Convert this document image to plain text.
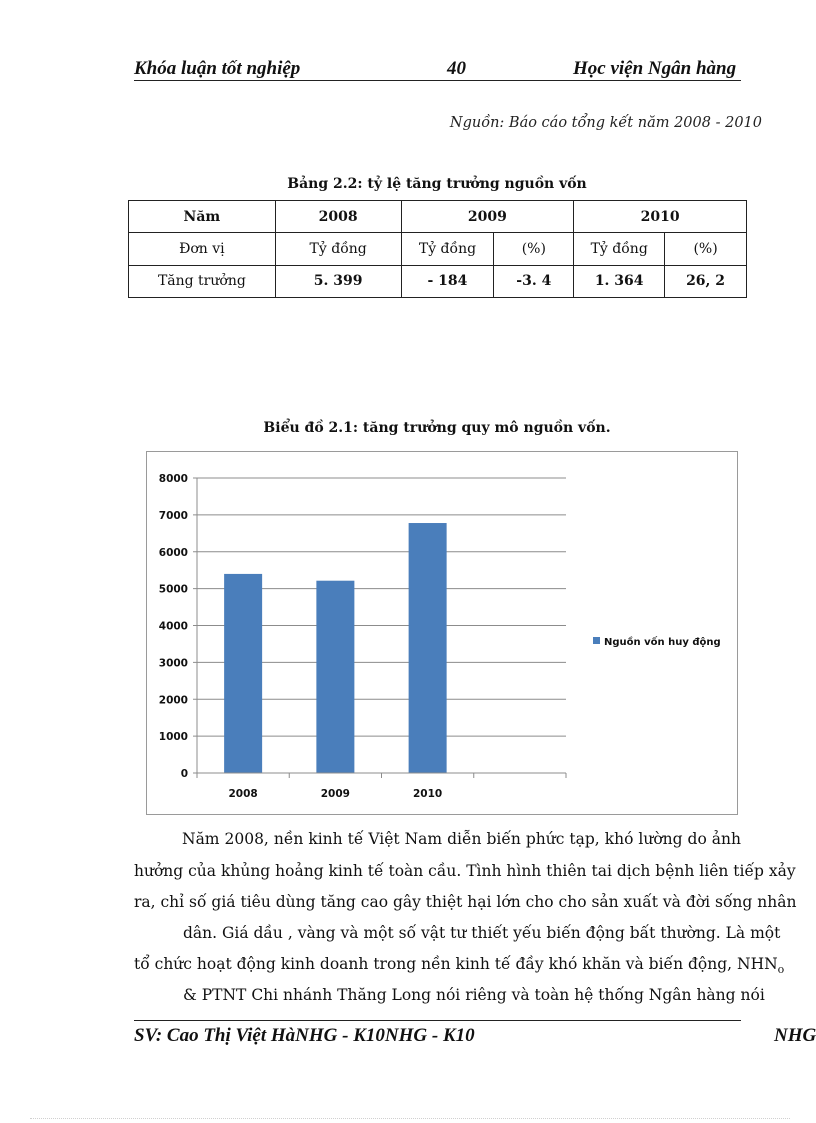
Khóa luận tốt nghiệp	40	Học viện Ngân hàng
Nguồn: Báo cáo tổng kết năm 2008 - 2010
Bảng 2.2: tỷ lệ tăng trưởng nguồn vốn
Năm	2008	2009		2010	
Đơn vị	Tỷ đồng	Tỷ đồng	(%)	Tỷ đồng	(%)
Tăng trưởng	5. 399	- 184	-3. 4	1. 364	26, 2
Biểu đồ 2.1: tăng trưởng quy mô nguồn vốn.
0
1000
2000
3000
4000
5000
6000
7000
8000
2008	2009	2010
Nguồn vốn huy động
Năm 2008, nền kinh tế Việt Nam diễn biến phức tạp, khó lường do ảnh
hưởng của khủng hoảng kinh tế toàn cầu. Tình hình thiên tai dịch bệnh liên tiếp xảy
ra, chỉ số giá tiêu dùng tăng cao gây thiệt hại lớn cho cho sản xuất và đời sống nhân
dân. Giá dầu , vàng và một số vật tư thiết yếu biến động bất thường. Là một
tổ chức hoạt động kinh doanh trong nền kinh tế đầy khó khăn và biến động, $NHN_o$
& PTNT Chi nhánh Thăng Long nói riêng và toàn hệ thống Ngân hàng nói
SV: Cao Thị Việt HàNHG - K10NHG - K10	NHG
